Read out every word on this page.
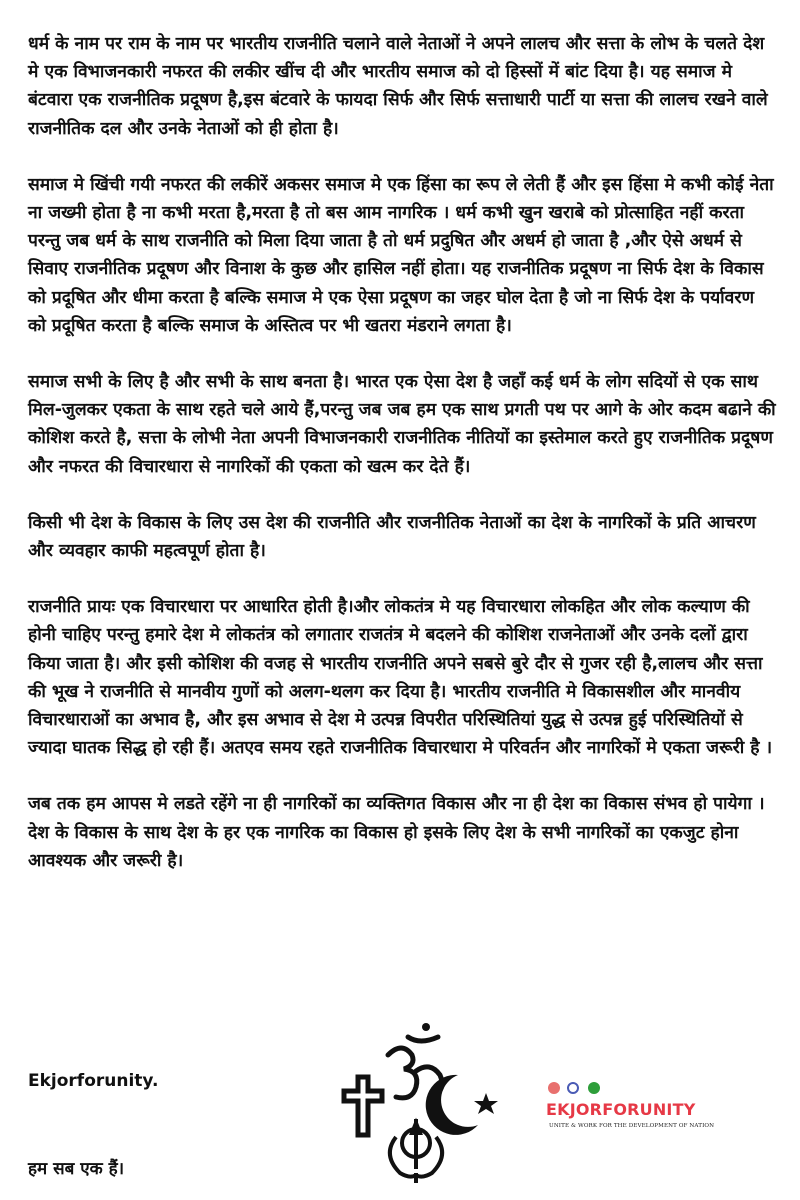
धर्म के नाम पर राम के नाम पर भारतीय राजनीति चलाने वाले नेताओं ने अपने लालच और सत्ता के लोभ के चलते देश मे एक विभाजनकारी नफरत की लकीर खींच दी और भारतीय समाज को दो हिस्सों में बांट दिया है। यह समाज मे बंटवारा एक राजनीतिक प्रदूषण है,इस बंटवारे के फायदा सिर्फ और सिर्फ सत्ताधारी पार्टी या सत्ता की लालच रखने वाले राजनीतिक दल और उनके नेताओं को ही होता है।

समाज मे खिंची गयी नफरत की लकीरें अकसर समाज मे एक हिंसा का रूप ले लेती हैं और इस हिंसा मे कभी कोई नेता ना जख्मी होता है ना कभी मरता है,मरता है तो बस आम नागरिक । धर्म कभी खुन खराबे को प्रोत्साहित नहीं करता परन्तु जब धर्म के साथ राजनीति को मिला दिया जाता है तो धर्म प्रदुषित और अधर्म हो जाता है ,और ऐसे अधर्म से सिवाए राजनीतिक प्रदूषण और विनाश के कुछ और हासिल नहीं होता। यह राजनीतिक प्रदूषण ना सिर्फ देश के विकास को प्रदूषित और धीमा करता है बल्कि समाज मे एक ऐसा प्रदूषण का जहर घोल देता है जो ना सिर्फ देश के पर्यावरण को प्रदूषित करता है बल्कि समाज के अस्तित्व पर भी खतरा मंडराने लगता है।

समाज सभी के लिए है और सभी के साथ बनता है। भारत एक ऐसा देश है जहाँ कई धर्म के लोग सदियों से एक साथ मिल-जुलकर एकता के साथ रहते चले आये हैं,परन्तु जब जब हम एक साथ प्रगती पथ पर आगे के ओर कदम बढाने की कोशिश करते है, सत्ता के लोभी नेता अपनी विभाजनकारी राजनीतिक नीतियों का इस्तेमाल करते हुए राजनीतिक प्रदूषण और नफरत की विचारधारा से नागरिकों की एकता को खत्म कर देते हैं।

किसी भी देश के विकास के लिए उस देश की राजनीति और राजनीतिक नेताओं का देश के नागरिकों के प्रति आचरण और व्यवहार काफी महत्वपूर्ण होता है।

राजनीति प्रायः एक विचारधारा पर आधारित होती है।और लोकतंत्र मे यह विचारधारा लोकहित और लोक कल्याण की होनी चाहिए परन्तु हमारे देश मे लोकतंत्र को लगातार राजतंत्र मे बदलने की कोशिश राजनेताओं और उनके दलों द्वारा किया जाता है। और इसी कोशिश की वजह से भारतीय राजनीति अपने सबसे बुरे दौर से गुजर रही है,लालच और सत्ता की भूख ने राजनीति से मानवीय गुणों को अलग-थलग कर दिया है। भारतीय राजनीति मे विकासशील और मानवीय विचारधाराओं का अभाव है, और इस अभाव से देश मे उत्पन्न विपरीत परिस्थितियां युद्ध से उत्पन्न हुई परिस्थितियों से ज्यादा घातक सिद्ध हो रही हैं। अतएव समय रहते राजनीतिक विचारधारा मे परिवर्तन और नागरिकों मे एकता जरूरी है ।

जब तक हम आपस मे लडते रहेंगे ना ही नागरिकों का व्यक्तिगत विकास और ना ही देश का विकास संभव हो पायेगा । देश के विकास के साथ देश के हर एक नागरिक का विकास हो इसके लिए देश के सभी नागरिकों का एकजुट होना आवश्यक और जरूरी है।

Ekjorforunity.
हम सब एक हैं।
EKJORFORUNITY
UNITE & WORK FOR THE DEVELOPMENT OF NATION
